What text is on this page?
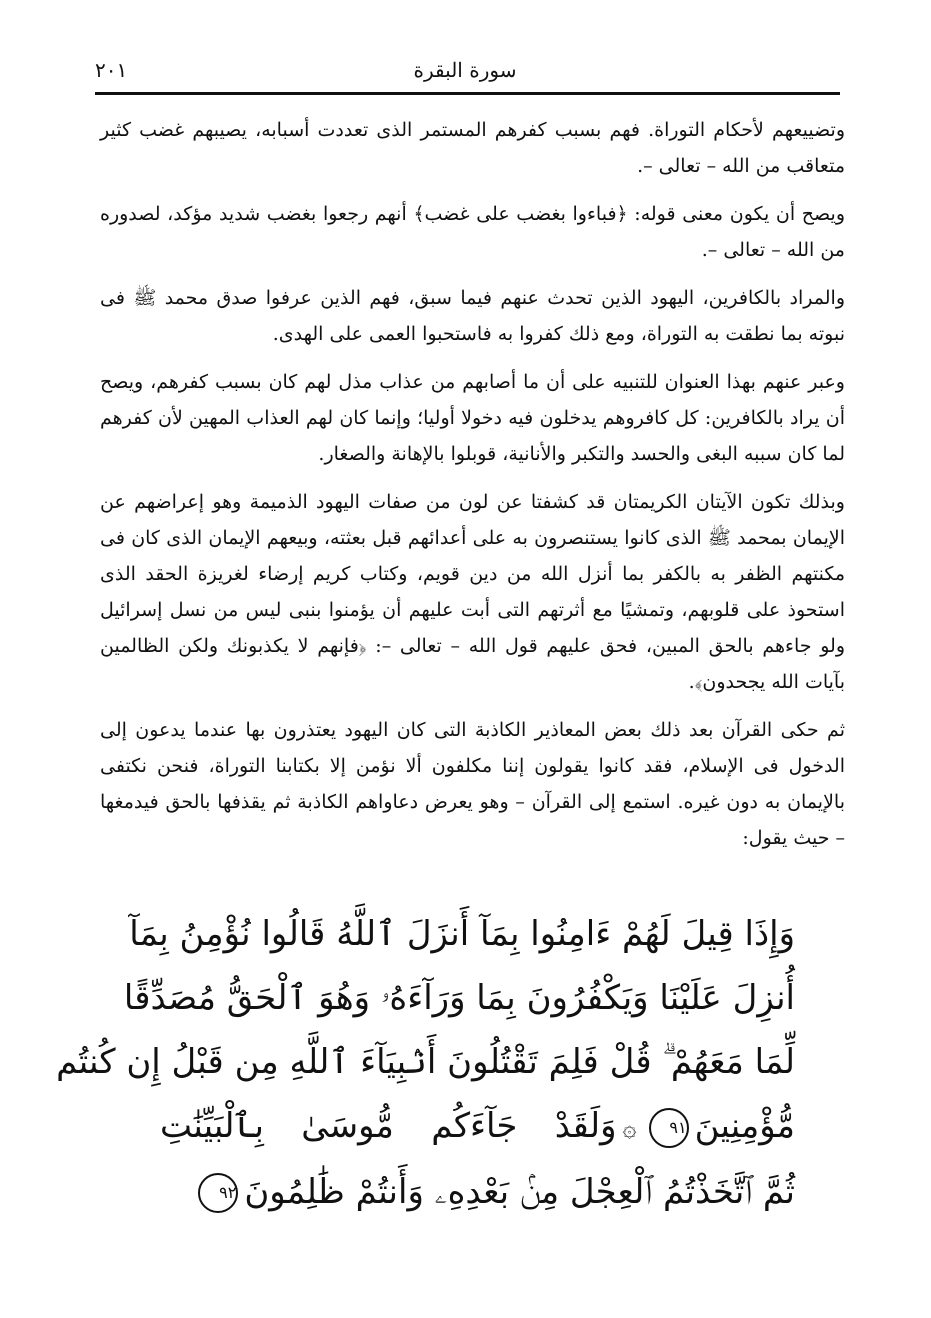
سورة البقرة
٢٠١

وتضييعهم لأحكام التوراة. فهم بسبب كفرهم المستمر الذى تعددت أسبابه، يصيبهم غضب كثير متعاقب من الله – تعالى –.

ويصح أن يكون معنى قوله: ﴿فباءوا بغضب على غضب﴾ أنهم رجعوا بغضب شديد مؤكد، لصدوره من الله – تعالى –.

والمراد بالكافرين، اليهود الذين تحدث عنهم فيما سبق، فهم الذين عرفوا صدق محمد ﷺ فى نبوته بما نطقت به التوراة، ومع ذلك كفروا به فاستحبوا العمى على الهدى.

وعبر عنهم بهذا العنوان للتنبيه على أن ما أصابهم من عذاب مذل لهم كان بسبب كفرهم، ويصح أن يراد بالكافرين: كل كافروهم يدخلون فيه دخولا أوليا؛ وإنما كان لهم العذاب المهين لأن كفرهم لما كان سببه البغى والحسد والتكبر والأنانية، قوبلوا بالإهانة والصغار.

وبذلك تكون الآيتان الكريمتان قد كشفتا عن لون من صفات اليهود الذميمة وهو إعراضهم عن الإيمان بمحمد ﷺ الذى كانوا يستنصرون به على أعدائهم قبل بعثته، وبيعهم الإيمان الذى كان فى مكنتهم الظفر به بالكفر بما أنزل الله من دين قويم، وكتاب كريم إرضاء لغريزة الحقد الذى استحوذ على قلوبهم، وتمشيًا مع أثرتهم التى أبت عليهم أن يؤمنوا بنبى ليس من نسل إسرائيل ولو جاءهم بالحق المبين، فحق عليهم قول الله – تعالى –: ﴿فإنهم لا يكذبونك ولكن الظالمين بآيات الله يجحدون﴾.

ثم حكى القرآن بعد ذلك بعض المعاذير الكاذبة التى كان اليهود يعتذرون بها عندما يدعون إلى الدخول فى الإسلام، فقد كانوا يقولون إننا مكلفون ألا نؤمن إلا بكتابنا التوراة، فنحن نكتفى بالإيمان به دون غيره. استمع إلى القرآن – وهو يعرض دعاواهم الكاذبة ثم يقذفها بالحق فيدمغها – حيث يقول:

وَإِذَا قِيلَ لَهُمْ ءَامِنُوا بِمَآ أَنزَلَ ٱللَّهُ قَالُوا نُؤْمِنُ بِمَآ
أُنزِلَ عَلَيْنَا وَيَكْفُرُونَ بِمَا وَرَآءَهُۥ وَهُوَ ٱلْحَقُّ مُصَدِّقًا
لِّمَا مَعَهُمْ ۗ قُلْ فَلِمَ تَقْتُلُونَ أَنۢبِيَآءَ ٱللَّهِ مِن قَبْلُ إِن كُنتُم
مُّؤْمِنِينَ٩١۞وَلَقَدْ جَآءَكُم مُّوسَىٰ بِٱلْبَيِّنَٰتِ
ثُمَّ ٱتَّخَذْتُمُ ٱلْعِجْلَ مِنۢ بَعْدِهِۦ وَأَنتُمْ ظَٰلِمُونَ٩٢
